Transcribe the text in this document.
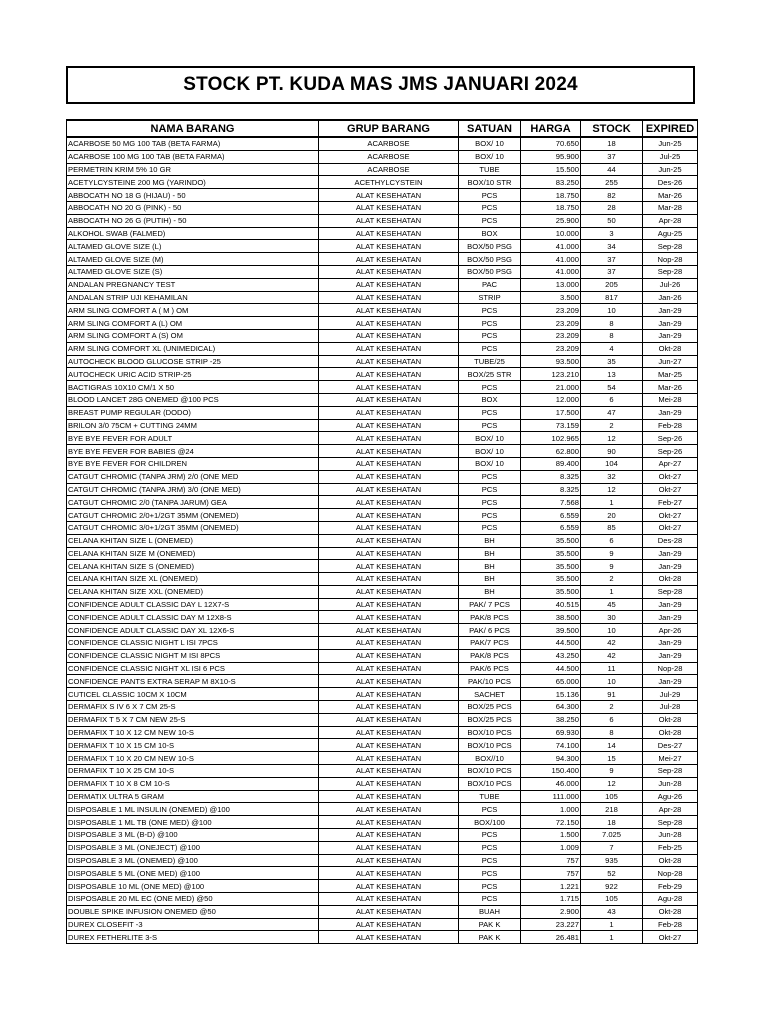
STOCK PT. KUDA MAS JMS JANUARI 2024
NAMA BARANG	GRUP BARANG	SATUAN	HARGA	STOCK	EXPIRED
ACARBOSE 50 MG 100 TAB (BETA FARMA)	ACARBOSE	BOX/ 10	70.650	18	Jun-25
ACARBOSE 100 MG 100 TAB (BETA FARMA)	ACARBOSE	BOX/ 10	95.900	37	Jul-25
PERMETRIN KRIM 5% 10 GR	ACARBOSE	TUBE	15.500	44	Jun-25
ACETYLCYSTEINE 200 MG (YARINDO)	ACETHYLCYSTEIN	BOX/10 STR	83.250	255	Des-26
ABBOCATH NO 18 G (HIJAU) - 50	ALAT KESEHATAN	PCS	18.750	82	Mar-26
ABBOCATH NO 20 G (PINK) - 50	ALAT KESEHATAN	PCS	18.750	28	Mar-28
ABBOCATH NO 26 G (PUTIH) - 50	ALAT KESEHATAN	PCS	25.900	50	Apr-28
ALKOHOL SWAB (FALMED)	ALAT KESEHATAN	BOX	10.000	3	Agu-25
ALTAMED GLOVE SIZE (L)	ALAT KESEHATAN	BOX/50 PSG	41.000	34	Sep-28
ALTAMED GLOVE SIZE (M)	ALAT KESEHATAN	BOX/50 PSG	41.000	37	Nop-28
ALTAMED GLOVE SIZE (S)	ALAT KESEHATAN	BOX/50 PSG	41.000	37	Sep-28
ANDALAN PREGNANCY TEST	ALAT KESEHATAN	PAC	13.000	205	Jul-26
ANDALAN STRIP UJI KEHAMILAN	ALAT KESEHATAN	STRIP	3.500	817	Jan-26
ARM SLING COMFORT A ( M ) OM	ALAT KESEHATAN	PCS	23.209	10	Jan-29
ARM SLING COMFORT A (L) OM	ALAT KESEHATAN	PCS	23.209	8	Jan-29
ARM SLING COMFORT A (S) OM	ALAT KESEHATAN	PCS	23.209	8	Jan-29
ARM SLING COMFORT XL (UNIMEDICAL)	ALAT KESEHATAN	PCS	23.209	4	Okt-28
AUTOCHECK BLOOD GLUCOSE STRIP -25	ALAT KESEHATAN	TUBE/25	93.500	35	Jun-27
AUTOCHECK URIC ACID STRIP-25	ALAT KESEHATAN	BOX/25 STR	123.210	13	Mar-25
BACTIGRAS 10X10 CM/1 X 50	ALAT KESEHATAN	PCS	21.000	54	Mar-26
BLOOD LANCET 28G ONEMED @100 PCS	ALAT KESEHATAN	BOX	12.000	6	Mei-28
BREAST PUMP REGULAR (DODO)	ALAT KESEHATAN	PCS	17.500	47	Jan-29
BRILON 3/0 75CM + CUTTING 24MM	ALAT KESEHATAN	PCS	73.159	2	Feb-28
BYE BYE FEVER FOR ADULT	ALAT KESEHATAN	BOX/ 10	102.965	12	Sep-26
BYE BYE FEVER FOR BABIES @24	ALAT KESEHATAN	BOX/ 10	62.800	90	Sep-26
BYE BYE FEVER FOR CHILDREN	ALAT KESEHATAN	BOX/ 10	89.400	104	Apr-27
CATGUT CHROMIC (TANPA JRM) 2/0 (ONE MED	ALAT KESEHATAN	PCS	8.325	32	Okt-27
CATGUT CHROMIC (TANPA JRM) 3/0 (ONE MED)	ALAT KESEHATAN	PCS	8.325	12	Okt-27
CATGUT CHROMIC 2/0 (TANPA JARUM) GEA	ALAT KESEHATAN	PCS	7.568	1	Feb-27
CATGUT CHROMIC 2/0+1/2GT 35MM (ONEMED)	ALAT KESEHATAN	PCS	6.559	20	Okt-27
CATGUT CHROMIC 3/0+1/2GT 35MM (ONEMED)	ALAT KESEHATAN	PCS	6.559	85	Okt-27
CELANA KHITAN SIZE L (ONEMED)	ALAT KESEHATAN	BH	35.500	6	Des-28
CELANA KHITAN SIZE M (ONEMED)	ALAT KESEHATAN	BH	35.500	9	Jan-29
CELANA KHITAN SIZE S (ONEMED)	ALAT KESEHATAN	BH	35.500	9	Jan-29
CELANA KHITAN SIZE XL (ONEMED)	ALAT KESEHATAN	BH	35.500	2	Okt-28
CELANA KHITAN SIZE XXL (ONEMED)	ALAT KESEHATAN	BH	35.500	1	Sep-28
CONFIDENCE ADULT CLASSIC DAY L 12X7-S	ALAT KESEHATAN	PAK/ 7 PCS	40.515	45	Jan-29
CONFIDENCE ADULT CLASSIC DAY M 12X8-S	ALAT KESEHATAN	PAK/8 PCS	38.500	30	Jan-29
CONFIDENCE ADULT CLASSIC DAY XL 12X6-S	ALAT KESEHATAN	PAK/ 6 PCS	39.500	10	Apr-26
CONFIDENCE CLASSIC NIGHT L ISI 7PCS	ALAT KESEHATAN	PAK/7 PCS	44.500	42	Jan-29
CONFIDENCE CLASSIC NIGHT M ISI 8PCS	ALAT KESEHATAN	PAK/8 PCS	43.250	42	Jan-29
CONFIDENCE CLASSIC NIGHT XL ISI 6 PCS	ALAT KESEHATAN	PAK/6 PCS	44.500	11	Nop-28
CONFIDENCE PANTS EXTRA SERAP M 8X10-S	ALAT KESEHATAN	PAK/10 PCS	65.000	10	Jan-29
CUTICEL CLASSIC 10CM X 10CM	ALAT KESEHATAN	SACHET	15.136	91	Jul-29
DERMAFIX S IV 6 X 7 CM 25-S	ALAT KESEHATAN	BOX/25 PCS	64.300	2	Jul-28
DERMAFIX T 5 X 7 CM NEW 25-S	ALAT KESEHATAN	BOX/25 PCS	38.250	6	Okt-28
DERMAFIX T 10 X 12 CM NEW 10-S	ALAT KESEHATAN	BOX/10 PCS	69.930	8	Okt-28
DERMAFIX T 10 X 15 CM 10-S	ALAT KESEHATAN	BOX/10 PCS	74.100	14	Des-27
DERMAFIX T 10 X 20 CM NEW 10-S	ALAT KESEHATAN	BOX//10	94.300	15	Mei-27
DERMAFIX T 10 X 25 CM 10-S	ALAT KESEHATAN	BOX/10 PCS	150.400	9	Sep-28
DERMAFIX T 10 X 8 CM 10-S	ALAT KESEHATAN	BOX/10 PCS	46.000	12	Jun-28
DERMATIX ULTRA 5 GRAM	ALAT KESEHATAN	TUBE	111.000	105	Agu-26
DISPOSABLE 1 ML INSULIN (ONEMED) @100	ALAT KESEHATAN	PCS	1.000	218	Apr-28
DISPOSABLE 1 ML TB (ONE MED) @100	ALAT KESEHATAN	BOX/100	72.150	18	Sep-28
DISPOSABLE 3 ML (B-D) @100	ALAT KESEHATAN	PCS	1.500	7.025	Jun-28
DISPOSABLE 3 ML (ONEJECT) @100	ALAT KESEHATAN	PCS	1.009	7	Feb-25
DISPOSABLE 3 ML (ONEMED) @100	ALAT KESEHATAN	PCS	757	935	Okt-28
DISPOSABLE 5 ML (ONE MED) @100	ALAT KESEHATAN	PCS	757	52	Nop-28
DISPOSABLE 10 ML (ONE MED) @100	ALAT KESEHATAN	PCS	1.221	922	Feb-29
DISPOSABLE 20 ML EC (ONE MED) @50	ALAT KESEHATAN	PCS	1.715	105	Agu-28
DOUBLE SPIKE INFUSION ONEMED @50	ALAT KESEHATAN	BUAH	2.900	43	Okt-28
DUREX CLOSEFIT -3	ALAT KESEHATAN	PAK K	23.227	1	Feb-28
DUREX FETHERLITE 3-S	ALAT KESEHATAN	PAK K	26.481	1	Okt-27
